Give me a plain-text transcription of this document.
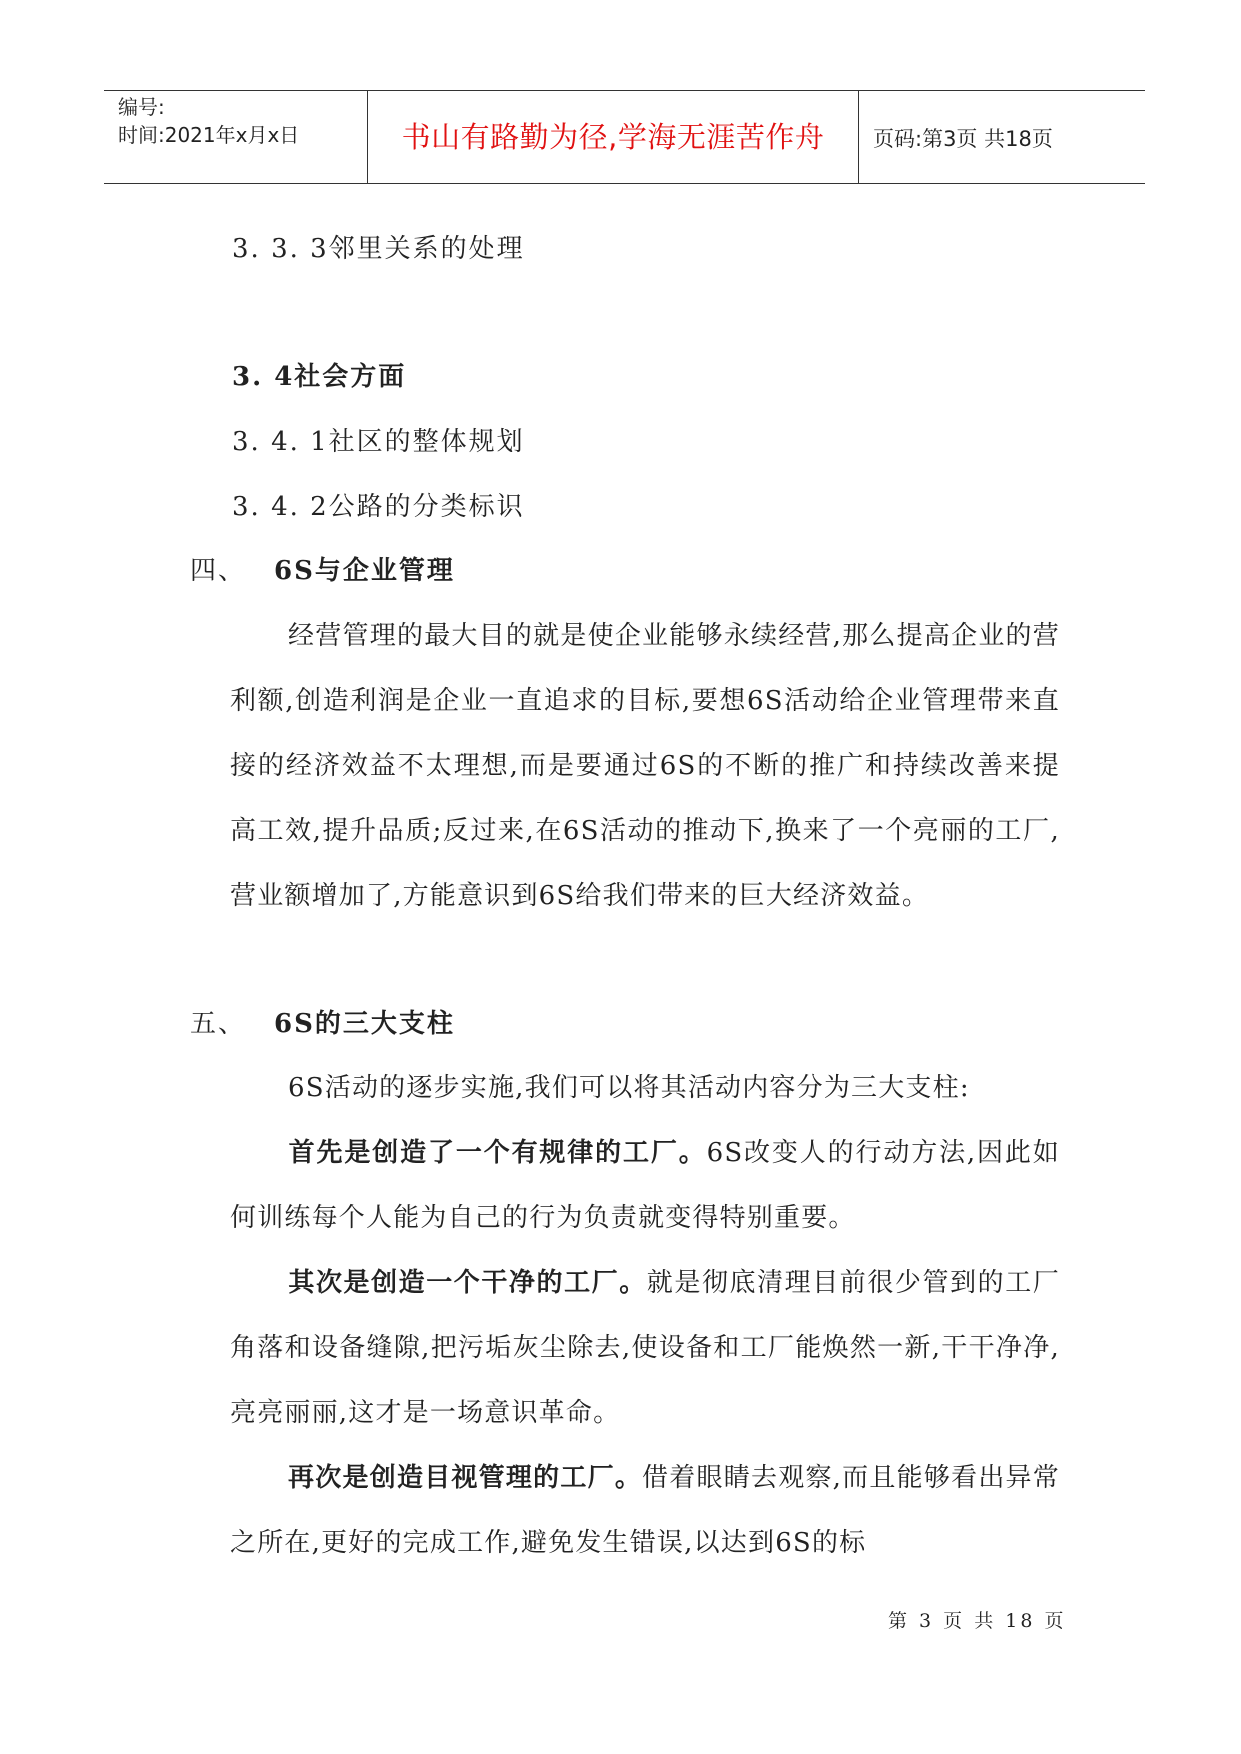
编号:
时间:2021年x月x日	书山有路勤为径,学海无涯苦作舟	页码:第3页 共18页
3. 3. 3邻里关系的处理
3. 4社会方面
3. 4. 1社区的整体规划
3. 4. 2公路的分类标识
四、 6S与企业管理
经营管理的最大目的就是使企业能够永续经营,那么提高企业的营利额,创造利润是企业一直追求的目标,要想6S活动给企业管理带来直接的经济效益不太理想,而是要通过6S的不断的推广和持续改善来提高工效,提升品质;反过来,在6S活动的推动下,换来了一个亮丽的工厂,营业额增加了,方能意识到6S给我们带来的巨大经济效益。
五、 6S的三大支柱
6S活动的逐步实施,我们可以将其活动内容分为三大支柱:
首先是创造了一个有规律的工厂。6S改变人的行动方法,因此如何训练每个人能为自己的行为负责就变得特别重要。
其次是创造一个干净的工厂。就是彻底清理目前很少管到的工厂角落和设备缝隙,把污垢灰尘除去,使设备和工厂能焕然一新,干干净净,亮亮丽丽,这才是一场意识革命。
再次是创造目视管理的工厂。借着眼睛去观察,而且能够看出异常之所在,更好的完成工作,避免发生错误,以达到6S的标
第 3 页 共 18 页
